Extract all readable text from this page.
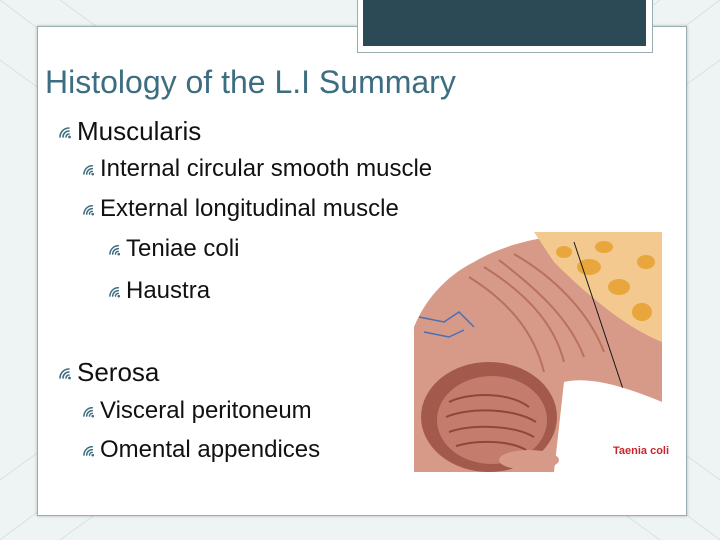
Histology of the L.I Summary
Muscularis
Internal circular smooth muscle
External longitudinal muscle
Teniae coli
Haustra
Serosa
Visceral peritoneum
Omental appendices	Taenia coli
